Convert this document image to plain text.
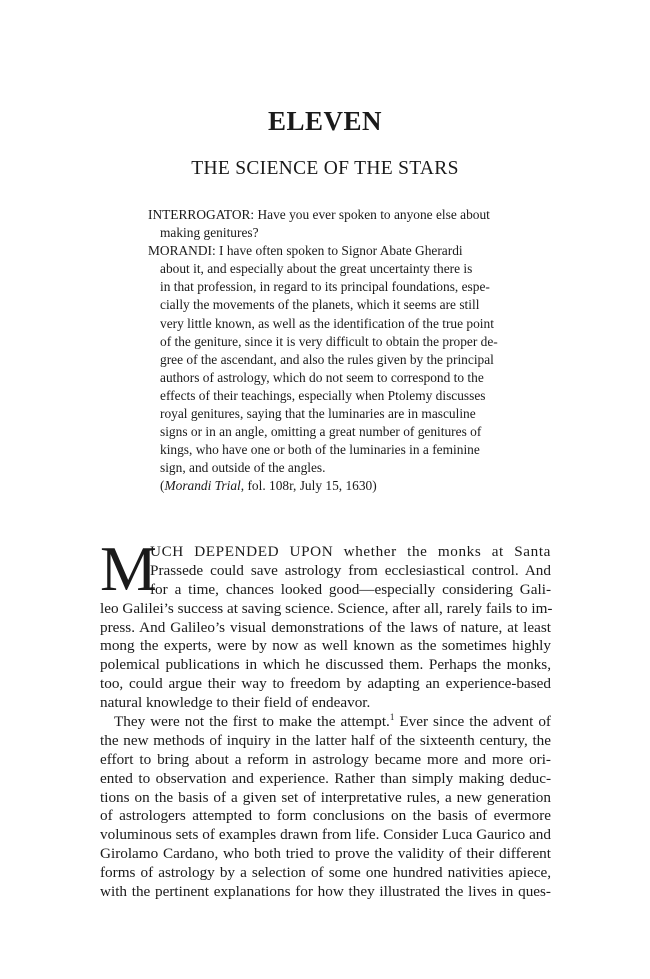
ELEVEN
THE SCIENCE OF THE STARS
INTERROGATOR: Have you ever spoken to anyone else about
making genitures?
MORANDI: I have often spoken to Signor Abate Gherardi
about it, and especially about the great uncertainty there is
in that profession, in regard to its principal foundations, espe-
cially the movements of the planets, which it seems are still
very little known, as well as the identification of the true point
of the geniture, since it is very difficult to obtain the proper de-
gree of the ascendant, and also the rules given by the principal
authors of astrology, which do not seem to correspond to the
effects of their teachings, especially when Ptolemy discusses
royal genitures, saying that the luminaries are in masculine
signs or in an angle, omitting a great number of genitures of
kings, who have one or both of the luminaries in a feminine
sign, and outside of the angles.
(Morandi Trial, fol. 108r, July 15, 1630)
M
UCH DEPENDED UPON whether the monks at Santa
Prassede could save astrology from ecclesiastical control. And
for a time, chances looked good—especially considering Gali-
leo Galilei’s success at saving science. Science, after all, rarely fails to im-
press. And Galileo’s visual demonstrations of the laws of nature, at least
mong the experts, were by now as well known as the sometimes highly
polemical publications in which he discussed them. Perhaps the monks,
too, could argue their way to freedom by adapting an experience-based
natural knowledge to their field of endeavor.
They were not the first to make the attempt.$^1$ Ever since the advent of
the new methods of inquiry in the latter half of the sixteenth century, the
effort to bring about a reform in astrology became more and more ori-
ented to observation and experience. Rather than simply making deduc-
tions on the basis of a given set of interpretative rules, a new generation
of astrologers attempted to form conclusions on the basis of evermore
voluminous sets of examples drawn from life. Consider Luca Gaurico and
Girolamo Cardano, who both tried to prove the validity of their different
forms of astrology by a selection of some one hundred nativities apiece,
with the pertinent explanations for how they illustrated the lives in ques-
